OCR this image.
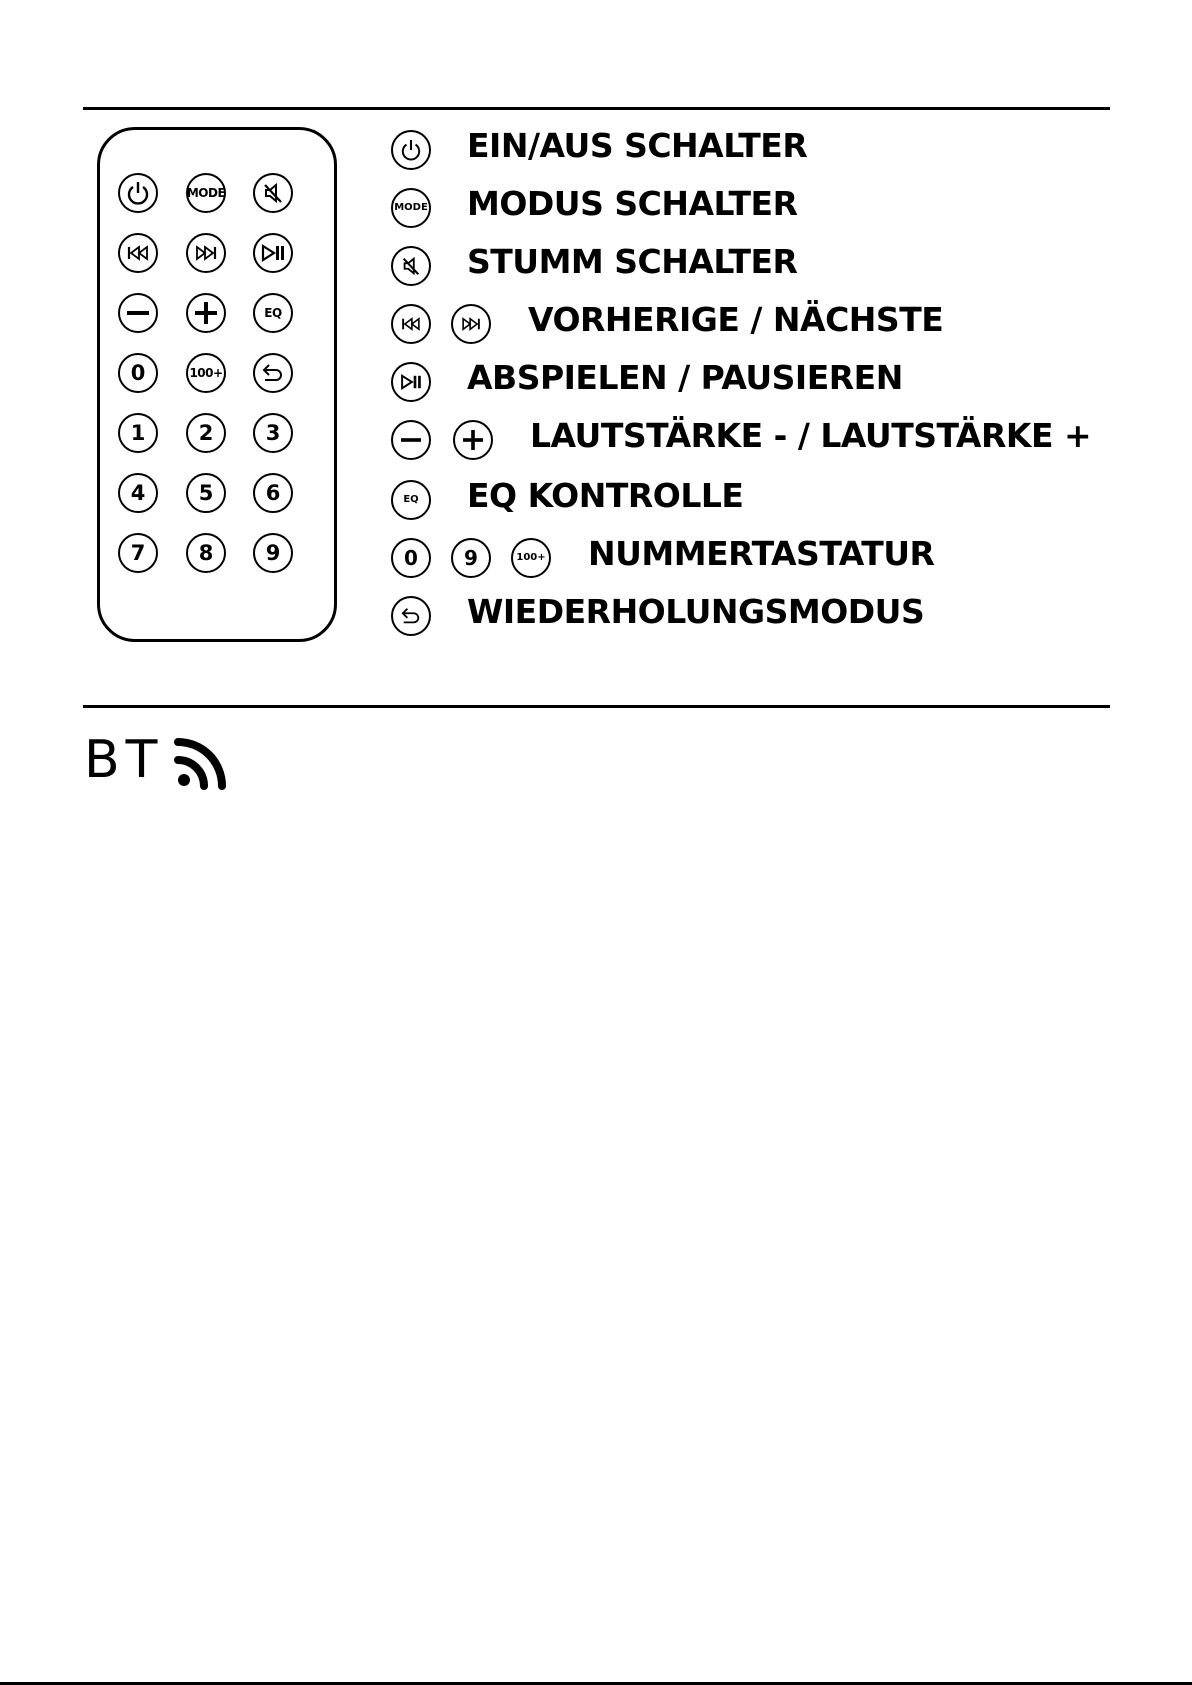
MODE
EQ
0	100+
1	2 3
4	5 6
7	8 9
EIN/AUS SCHALTER
MODE MODUS SCHALTER
STUMM SCHALTER
VORHERIGE / NÄCHSTE
ABSPIELEN / PAUSIEREN
LAUTSTÄRKE - / LAUTSTÄRKE +
EQ EQ KONTROLLE
0 9	100+ NUMMERTASTATUR
WIEDERHOLUNGSMODUS
BT
